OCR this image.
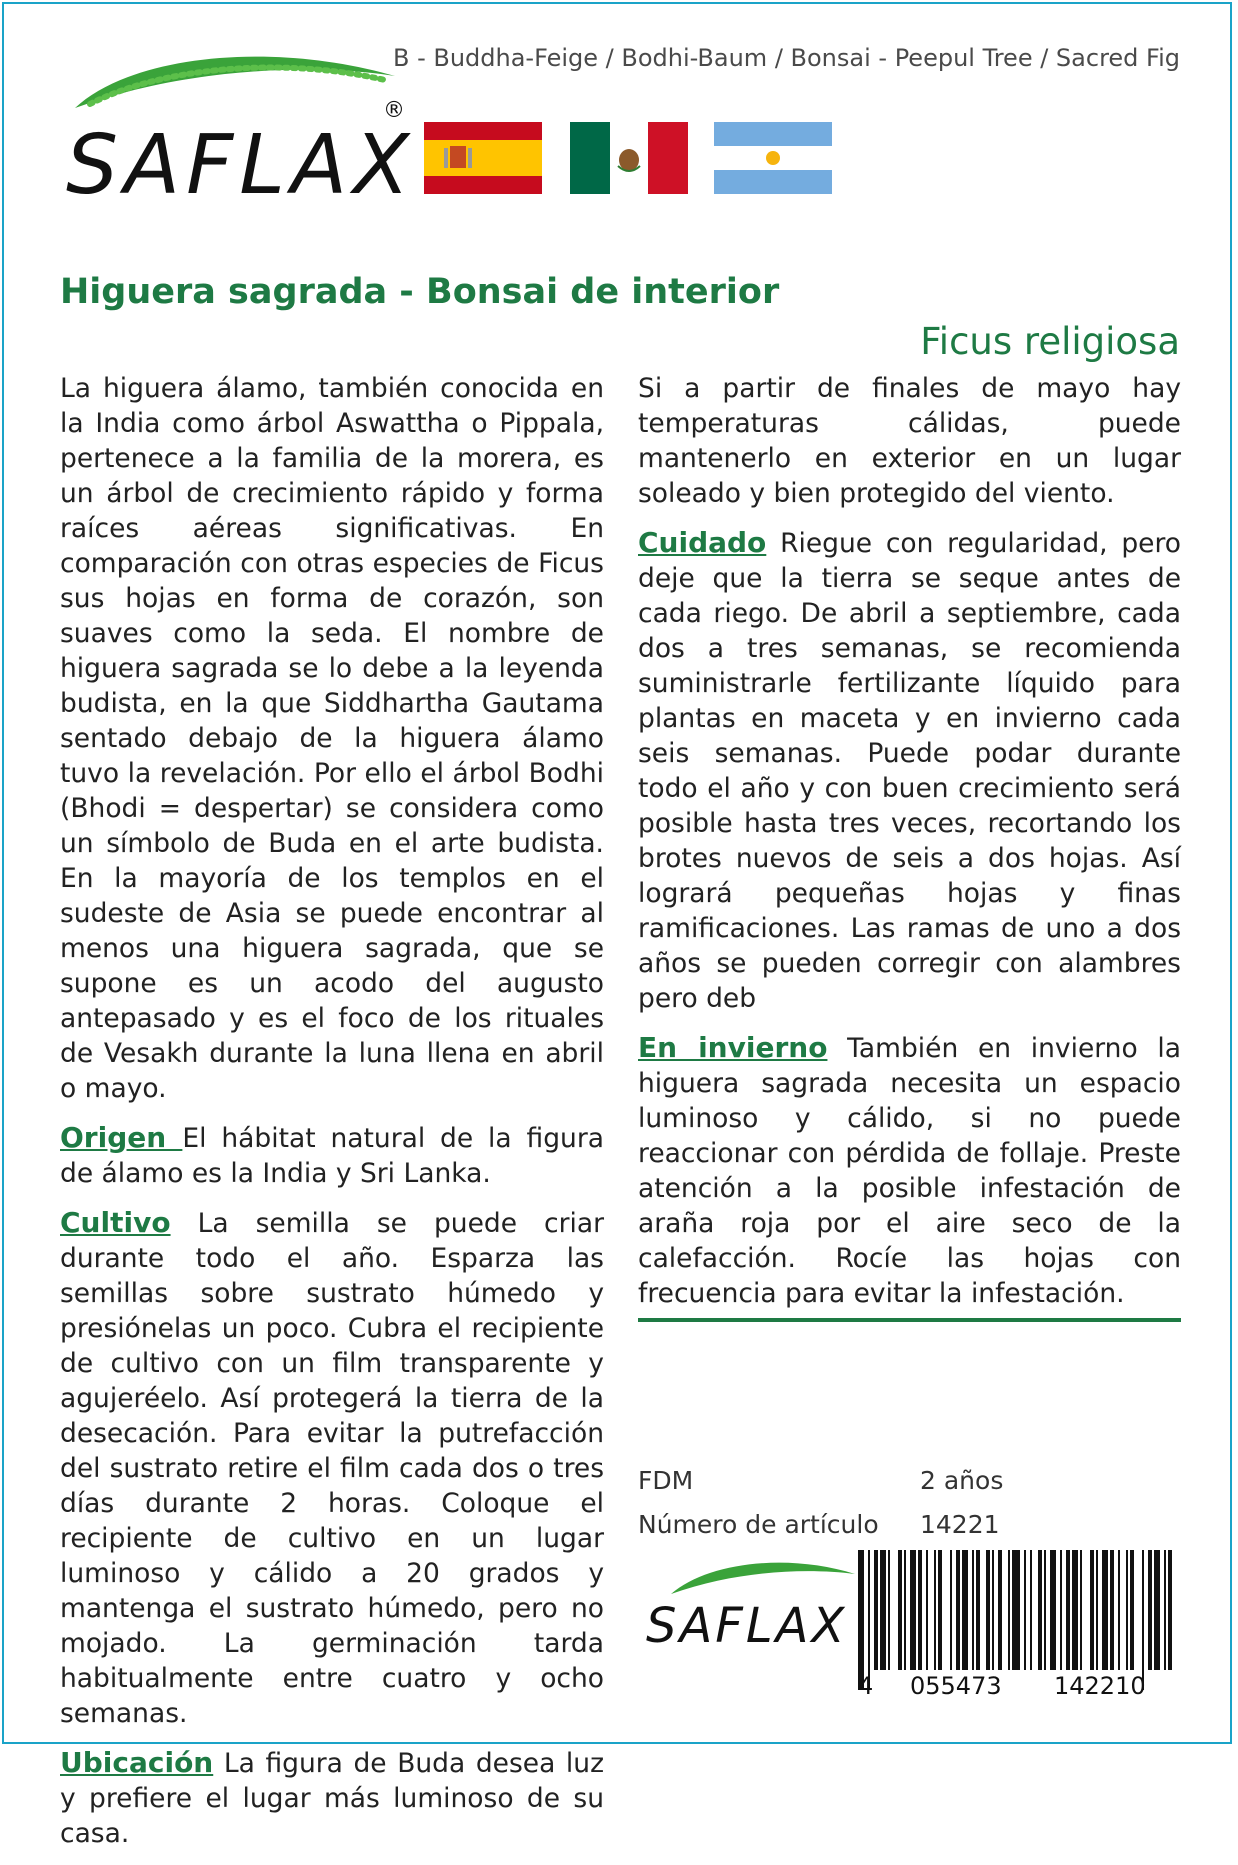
SAFLAX
®
B - Buddha-Feige / Bodhi-Baum / Bonsai - Peepul Tree / Sacred Fig
Higuera sagrada - Bonsai de interior
Ficus religiosa

La higuera álamo, también conocida en la India como árbol Aswattha o Pippala, pertenece a la familia de la morera, es un árbol de crecimiento rápido y forma raíces aéreas significativas. En comparación con otras especies de Ficus sus hojas en forma de corazón, son suaves como la seda. El nombre de higuera sagrada se lo debe a la leyenda budista, en la que Siddhartha Gautama sentado debajo de la higuera álamo tuvo la revelación. Por ello el árbol Bodhi (Bhodi = despertar) se considera como un símbolo de Buda en el arte budista. En la mayoría de los templos en el sudeste de Asia se puede encontrar al menos una higuera sagrada, que se supone es un acodo del augusto antepasado y es el foco de los rituales de Vesakh durante la luna llena en abril o mayo.

Origen El hábitat natural de la figura de álamo es la India y Sri Lanka.

Cultivo La semilla se puede criar durante todo el año. Esparza las semillas sobre sustrato húmedo y presiónelas un poco. Cubra el recipiente de cultivo con un film transparente y agujeréelo. Así protegerá la tierra de la desecación. Para evitar la putrefacción del sustrato retire el film cada dos o tres días durante 2 horas. Coloque el recipiente de cultivo en un lugar luminoso y cálido a 20 grados y mantenga el sustrato húmedo, pero no mojado. La germinación tarda habitualmente entre cuatro y ocho semanas.

Ubicación La figura de Buda desea luz y prefiere el lugar más luminoso de su casa.

Si a partir de finales de mayo hay temperaturas cálidas, puede mantenerlo en exterior en un lugar soleado y bien protegido del viento.

Cuidado Riegue con regularidad, pero deje que la tierra se seque antes de cada riego. De abril a septiembre, cada dos a tres semanas, se recomienda suministrarle fertilizante líquido para plantas en maceta y en invierno cada seis semanas. Puede podar durante todo el año y con buen crecimiento será posible hasta tres veces, recortando los brotes nuevos de seis a dos hojas. Así logrará pequeñas hojas y finas ramificaciones. Las ramas de uno a dos años se pueden corregir con alambres pero deb

En invierno También en invierno la higuera sagrada necesita un espacio luminoso y cálido, si no puede reaccionar con pérdida de follaje. Preste atención a la posible infestación de araña roja por el aire seco de la calefacción. Rocíe las hojas con frecuencia para evitar la infestación.

FDM	2 años
Número de artículo 14221
SAFLAX
4 055473 142210
